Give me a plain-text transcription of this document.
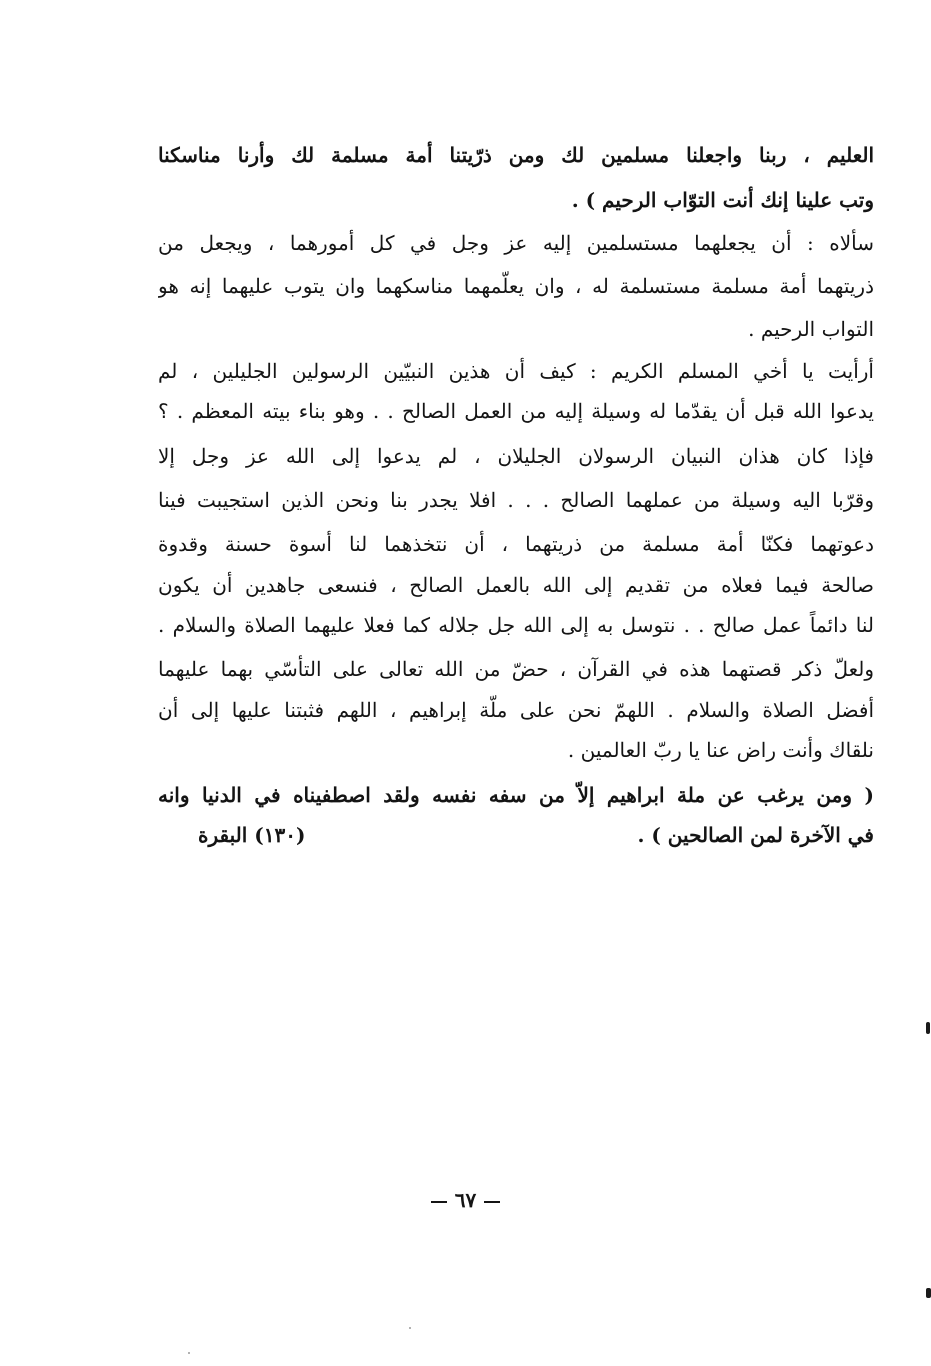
العليم ، ربنا واجعلنا مسلمين لك ومن ذرّيتنا أمة مسلمة لك وأرنا مناسكنا
وتب علينا إنك أنت التوّاب الرحيم ) .
سألاه : أن يجعلهما مستسلمين إليه عز وجل في كل أمورهما ، ويجعل من
ذريتهما أمة مسلمة مستسلمة له ، وان يعلّمهما مناسكهما وان يتوب عليهما إنه هو
التواب الرحيم .
أرأيت يا أخي المسلم الكريم : كيف أن هذين النبيّين الرسولين الجليلين ، لم
يدعوا الله قبل أن يقدّما له وسيلة إليه من العمل الصالح . . وهو بناء بيته المعظم . ؟
فإذا كان هذان النبيان الرسولان الجليلان ، لم يدعوا إلى الله عز وجل إلا
وقرّبا اليه وسيلة من عملهما الصالح . . . افلا يجدر بنا ونحن الذين استجيبت فينا
دعوتهما فكنّا أمة مسلمة من ذريتهما ، أن نتخذهما لنا أسوة حسنة وقدوة
صالحة فيما فعلاه من تقديم إلى الله بالعمل الصالح ، فنسعى جاهدين أن يكون
لنا دائماً عمل صالح . . نتوسل به إلى الله جل جلاله كما فعلا عليهما الصلاة والسلام .
ولعلّ ذكر قصتهما هذه في القرآن ، حضّ من الله تعالى على التأسّي بهما عليهما
أفضل الصلاة والسلام . اللهمّ نحن على ملّة إبراهيم ، اللهم فثبتنا عليها إلى أن
نلقاك وأنت راض عنا يا ربّ العالمين .
( ومن يرغب عن ملة ابراهيم إلاّ من سفه نفسه ولقد اصطفيناه في الدنيا وانه
في الآخرة لمن الصالحين ) .
(١٣٠) البقرة
٦٧
